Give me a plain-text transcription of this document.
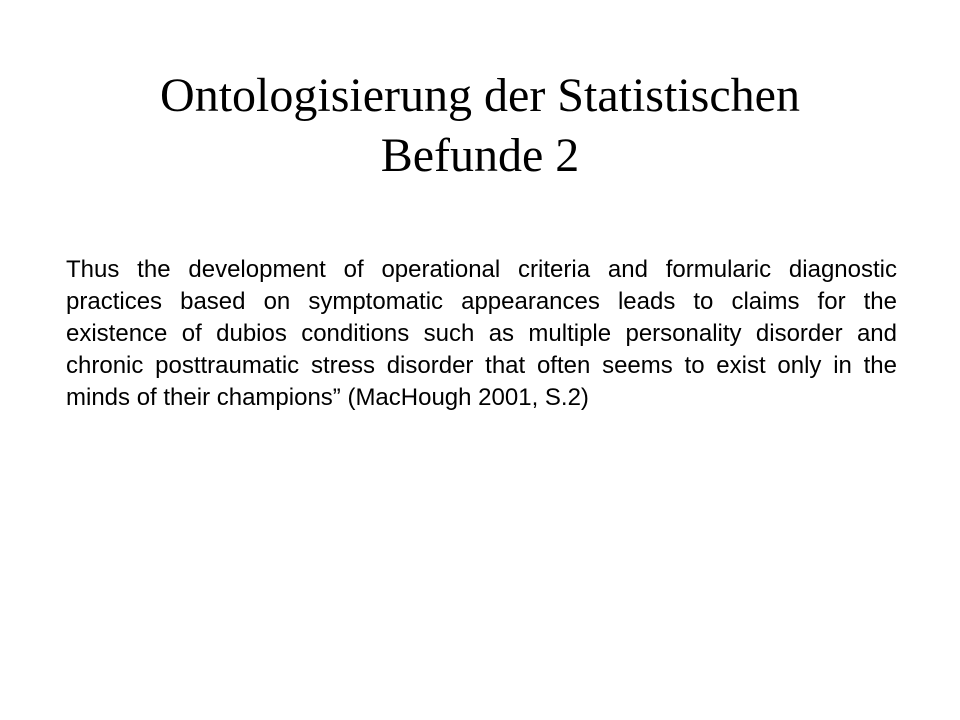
Ontologisierung der Statistischen
Befunde 2

Thus the development of operational criteria and formularic diagnostic practices based on symptomatic appearances leads to claims for the existence of dubios conditions such as multiple personality disorder and chronic posttraumatic stress disorder that often seems to exist only in the minds of their champions” (MacHough 2001, S.2)
